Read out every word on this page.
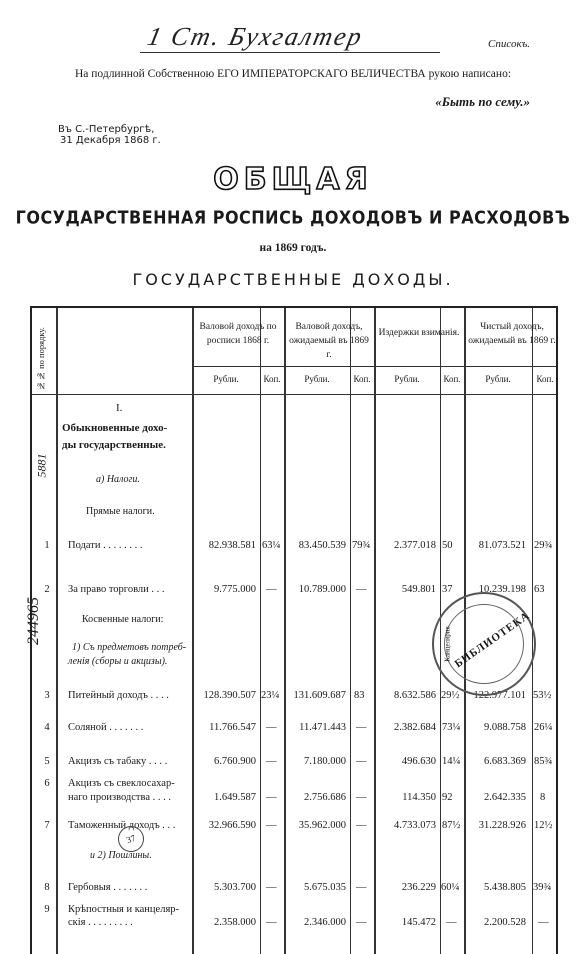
1 Ст. Бухгалтер	Списокъ.
На подлинной Собственною ЕГО ИМПЕРАТОРСКАГО ВЕЛИЧЕСТВА рукою написано:
«Быть по сему.»
Въ С.-Петербургѣ,
31 Декабря 1868 г.
ОБЩАЯ
ГОСУДАРСТВЕННАЯ РОСПИСЬ ДОХОДОВЪ И РАСХОДОВЪ
на 1869 годъ.
ГОСУДАРСТВЕННЫЕ ДОХОДЫ.
№№ по порядку.
Валовой доходъ по росписи 1868 г.
Валовой доходъ, ожидаемый въ 1869 г.
Издержки взиманія.
Чистый доходъ, ожидаемый въ 1869 г.
Рубли.	Коп.	Рубли.	Коп.	Рубли.	Коп.	Рубли.	Коп.
I.
Обыкновенные дохо-
ды государственные.
а) Налоги.
Прямые налоги.
Косвенные налоги:
1) Съ предметовъ потреб-
ленія (сборы и акцизы).
и 2) Пошлины.
1	Подати . . . . . . . .	82.938.581 63¼ 83.450.539 79¾ 2.377.018 50	81.073.521 29¾
2	За право торговли . . .	9.775.000 — 10.789.000 —	549.801 37	10.239.198 63
3	Питейный доходъ . . . .	128.390.507 23¼ 131.609.687 83	8.632.586 29½ 122.977.101 53½
4	Соляной . . . . . . .	11.766.547 — 11.471.443 —	2.382.684 73¼ 9.088.758 26¼
5	Акцизъ съ табаку . . . .	6.760.900 —	7.180.000 —	496.630 14¼ 6.683.369 85¾
6	Акцизъ съ свеклосахар-
наго производства . . . .	1.649.587 —	2.756.686 —	114.350 92	2.642.335 8
7	Таможенный доходъ . . .	32.966.590 — 35.962.000 —	4.733.073 87½ 31.228.926 12½
8	Гербовыя . . . . . . .	5.303.700 —	5.675.035 —	236.229 60¼ 5.438.805 39¾
9	Крѣпостныя и канцеляр-
скія . . . . . . . . .	2.358.000 —	2.346.000 —	145.472 —	2.200.528 —
БИБЛИОТЕКА
Канцелярия
37
5881
244965
